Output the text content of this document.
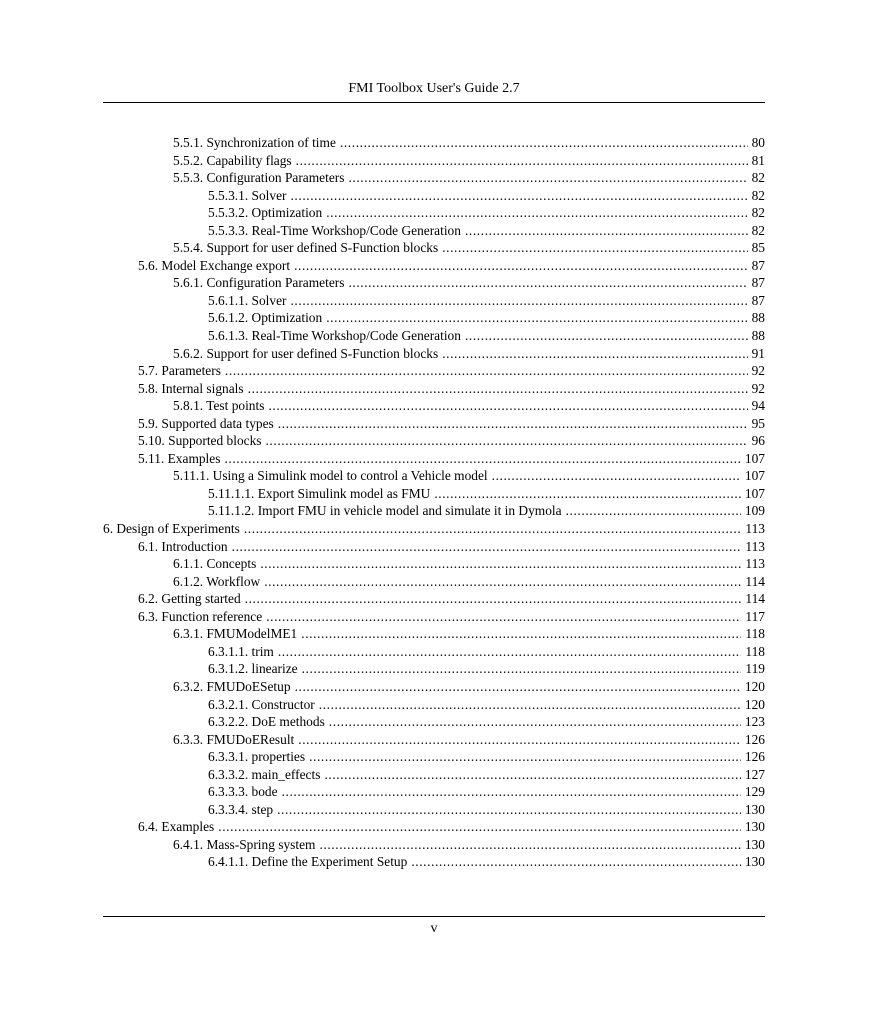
FMI Toolbox User's Guide 2.7
5.5.1. Synchronization of time .....	80
5.5.2. Capability flags .....	81
5.5.3. Configuration Parameters .....	82
5.5.3.1. Solver .....	82
5.5.3.2. Optimization .....	82
5.5.3.3. Real-Time Workshop/Code Generation .....	82
5.5.4. Support for user defined S-Function blocks .....	85
5.6. Model Exchange export .....	87
5.6.1. Configuration Parameters .....	87
5.6.1.1. Solver .....	87
5.6.1.2. Optimization .....	88
5.6.1.3. Real-Time Workshop/Code Generation .....	88
5.6.2. Support for user defined S-Function blocks .....	91
5.7. Parameters .....	92
5.8. Internal signals .....	92
5.8.1. Test points .....	94
5.9. Supported data types .....	95
5.10. Supported blocks .....	96
5.11. Examples .....	107
5.11.1. Using a Simulink model to control a Vehicle model .....	107
5.11.1.1. Export Simulink model as FMU .....	107
5.11.1.2. Import FMU in vehicle model and simulate it in Dymola .....	109
6. Design of Experiments .....	113
6.1. Introduction .....	113
6.1.1. Concepts .....	113
6.1.2. Workflow .....	114
6.2. Getting started .....	114
6.3. Function reference .....	117
6.3.1. FMUModelME1 .....	118
6.3.1.1. trim .....	118
6.3.1.2. linearize .....	119
6.3.2. FMUDoESetup .....	120
6.3.2.1. Constructor .....	120
6.3.2.2. DoE methods .....	123
6.3.3. FMUDoEResult .....	126
6.3.3.1. properties .....	126
6.3.3.2. main_effects .....	127
6.3.3.3. bode .....	129
6.3.3.4. step .....	130
6.4. Examples .....	130
6.4.1. Mass-Spring system .....	130
6.4.1.1. Define the Experiment Setup .....	130
v
